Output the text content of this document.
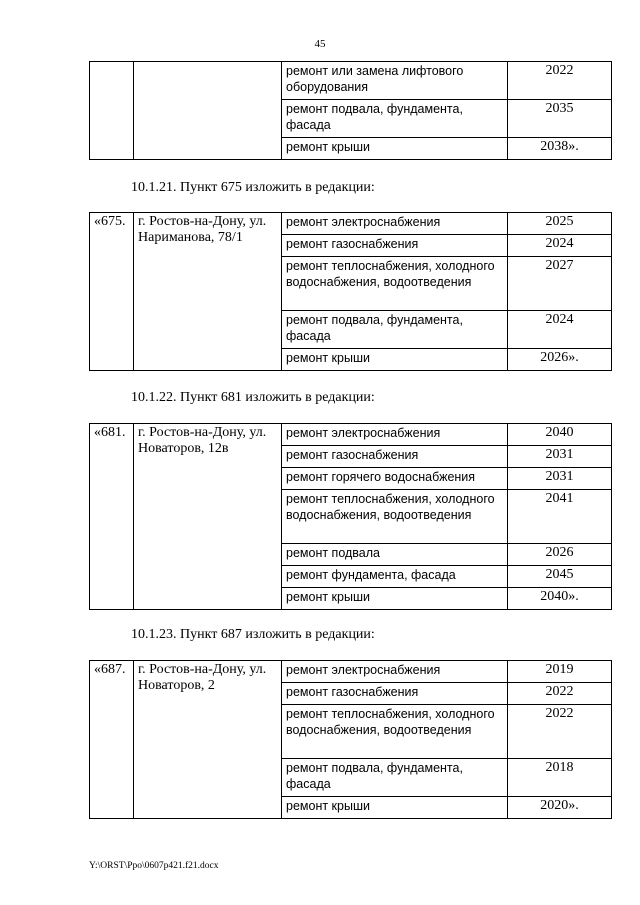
45
		ремонт или замена лифтового оборудования	2022
		ремонт подвала, фундамента, фасада	2035
		ремонт крыши	2038».
10.1.21. Пункт 675 изложить в редакции:
«675.	г. Ростов-на-Дону, ул. Нариманова, 78/1	ремонт электроснабжения	2025
		ремонт газоснабжения	2024
		ремонт теплоснабжения, холодного водоснабжения, водоотведения	2027
		ремонт подвала, фундамента, фасада	2024
		ремонт крыши	2026».
10.1.22. Пункт 681 изложить в редакции:
«681.	г. Ростов-на-Дону, ул. Новаторов, 12в	ремонт электроснабжения	2040
		ремонт газоснабжения	2031
		ремонт горячего водоснабжения	2031
		ремонт теплоснабжения, холодного водоснабжения, водоотведения	2041
		ремонт подвала	2026
		ремонт фундамента, фасада	2045
		ремонт крыши	2040».
10.1.23. Пункт 687 изложить в редакции:
«687.	г. Ростов-на-Дону, ул. Новаторов, 2	ремонт электроснабжения	2019
		ремонт газоснабжения	2022
		ремонт теплоснабжения, холодного водоснабжения, водоотведения	2022
		ремонт подвала, фундамента, фасада	2018
		ремонт крыши	2020».
Y:\ORST\Ppo\0607p421.f21.docx
